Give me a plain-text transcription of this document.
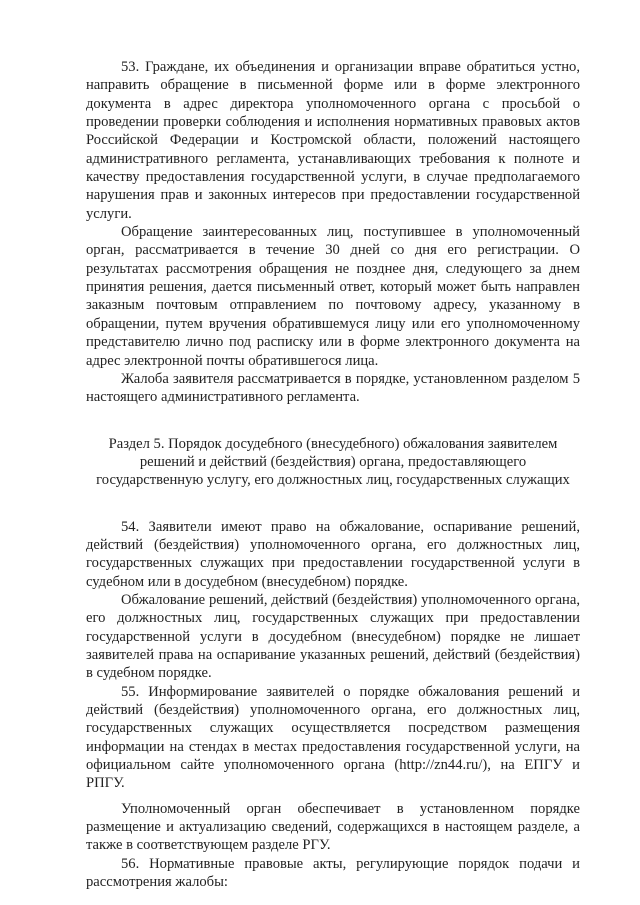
53. Граждане, их объединения и организации вправе обратиться устно, направить обращение в письменной форме или в форме электронного документа в адрес директора уполномоченного органа с просьбой о проведении проверки соблюдения и исполнения нормативных правовых актов Российской Федерации и Костромской области, положений настоящего административного регламента, устанавливающих требования к полноте и качеству предоставления государственной услуги, в случае предполагаемого нарушения прав и законных интересов при предоставлении государственной услуги.

Обращение заинтересованных лиц, поступившее в уполномоченный орган, рассматривается в течение 30 дней со дня его регистрации. О результатах рассмотрения обращения не позднее дня, следующего за днем принятия решения, дается письменный ответ, который может быть направлен заказным почтовым отправлением по почтовому адресу, указанному в обращении, путем вручения обратившемуся лицу или его уполномоченному представителю лично под расписку или в форме электронного документа на адрес электронной почты обратившегося лица.

Жалоба заявителя рассматривается в порядке, установленном разделом 5 настоящего административного регламента.

Раздел 5. Порядок досудебного (внесудебного) обжалования заявителем решений и действий (бездействия) органа, предоставляющего государственную услугу, его должностных лиц, государственных служащих

54. Заявители имеют право на обжалование, оспаривание решений, действий (бездействия) уполномоченного органа, его должностных лиц, государственных служащих при предоставлении государственной услуги в судебном или в досудебном (внесудебном) порядке.

Обжалование решений, действий (бездействия) уполномоченного органа, его должностных лиц, государственных служащих при предоставлении государственной услуги в досудебном (внесудебном) порядке не лишает заявителей права на оспаривание указанных решений, действий (бездействия) в судебном порядке.

55. Информирование заявителей о порядке обжалования решений и действий (бездействия) уполномоченного органа, его должностных лиц, государственных служащих осуществляется посредством размещения информации на стендах в местах предоставления государственной услуги, на официальном сайте уполномоченного органа (http://zn44.ru/), на ЕПГУ и РПГУ.

Уполномоченный орган обеспечивает в установленном порядке размещение и актуализацию сведений, содержащихся в настоящем разделе, а также в соответствующем разделе РГУ.

56. Нормативные правовые акты, регулирующие порядок подачи и рассмотрения жалобы:
